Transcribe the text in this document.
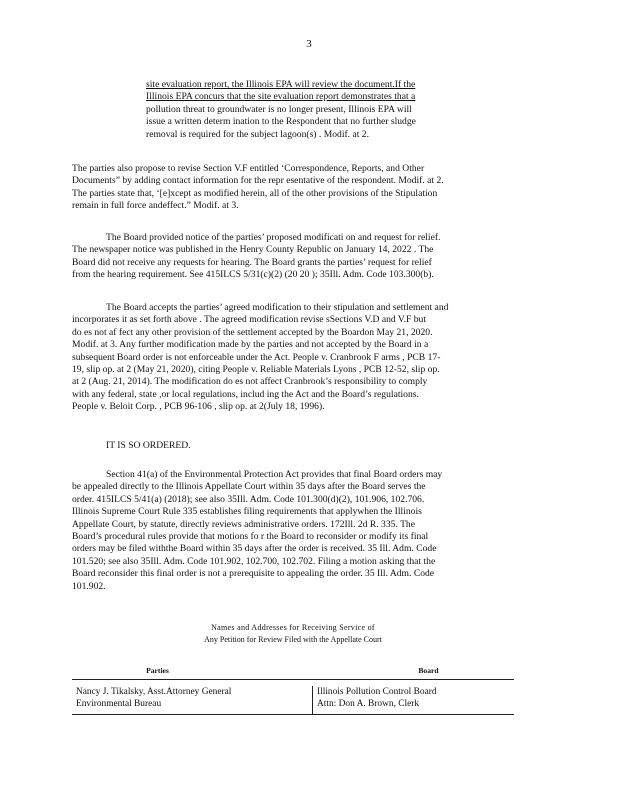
3
site evaluation report, the Illinois EPA will review the document.If the
Illinois EPA concurs that the site evaluation report demonstrates that a
pollution threat to groundwater is no longer present, Illinois EPA will
issue a written determ ination to the Respondent that no further sludge
removal is required for the subject lagoon(s) . Modif. at 2.
The parties also propose to revise Section V.F entitled ‘Correspondence, Reports, and Other
Documents” by adding contact information for the repr esentative of the respondent. Modif. at 2.
The parties state that, ‘[e]xcept as modified herein, all of the other provisions of the Stipulation
remain in full force andeffect.” Modif. at 3.
The Board provided notice of the parties’ proposed modificati on and request for relief.
The newspaper notice was published in the Henry County Republic on January 14, 2022 . The
Board did not receive any requests for hearing. The Board grants the parties’ request for relief
from the hearing requirement. See 415ILCS 5/31(c)(2) (20 20 ); 35Ill. Adm. Code 103.300(b).
The Board accepts the parties’ agreed modification to their stipulation and settlement and
incorporates it as set forth above . The agreed modification revise sSections V.D and V.F but
do es not af fect any other provision of the settlement accepted by the Boardon May 21, 2020.
Modif. at 3. Any further modification made by the parties and not accepted by the Board in a
subsequent Board order is not enforceable under the Act. People v. Cranbrook F arms , PCB 17-
19, slip op. at 2 (May 21, 2020), citing People v. Reliable Materials Lyons , PCB 12-52, slip op.
at 2 (Aug. 21, 2014). The modification do es not affect Cranbrook’s responsibility to comply
with any federal, state ,or local regulations, includ ing the Act and the Board’s regulations.
People v. Beloit Corp. , PCB 96-106 , slip op. at 2(July 18, 1996).
IT IS SO ORDERED.
Section 41(a) of the Environmental Protection Act provides that final Board orders may
be appealed directly to the Illinois Appellate Court within 35 days after the Board serves the
order. 415ILCS 5/41(a) (2018); see also 35Ill. Adm. Code 101.300(d)(2), 101.906, 102.706.
Illinois Supreme Court Rule 335 establishes filing requirements that applywhen the Illinois
Appellate Court, by statute, directly reviews administrative orders. 172Ill. 2d R. 335. The
Board’s procedural rules provide that motions fo r the Board to reconsider or modify its final
orders may be filed withthe Board within 35 days after the order is received. 35 Ill. Adm. Code
101.520; see also 35Ill. Adm. Code 101.902, 102.700, 102.702. Filing a motion asking that the
Board reconsider this final order is not a prerequisite to appealing the order. 35 Ill. Adm. Code
101.902.
Names and Addresses for Receiving Service of
Any Petition for Review Filed with the Appellate Court
Parties	Board
Nancy J. Tikalsky, Asst.Attorney General
Environmental Bureau
Illinois Pollution Control Board
Attn: Don A. Brown, Clerk
